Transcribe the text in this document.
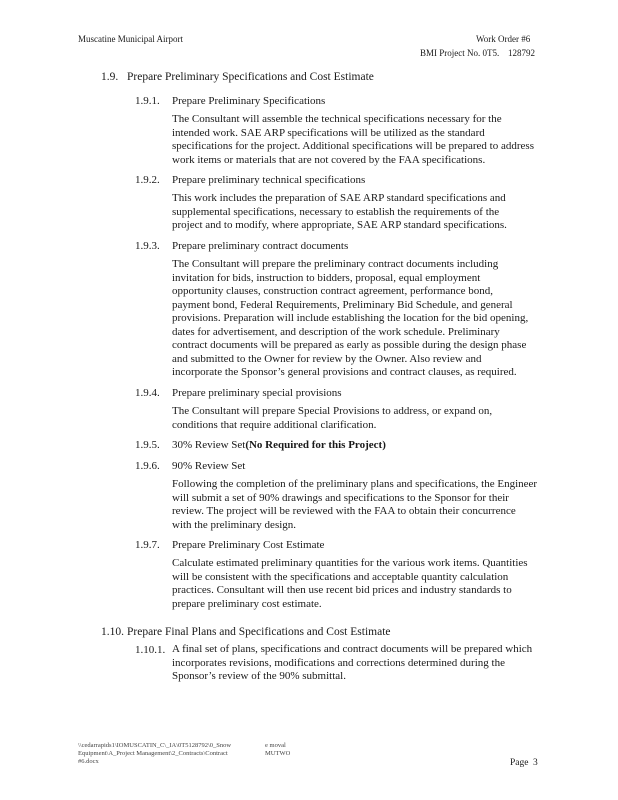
Muscatine Municipal Airport	Work Order #6
BMI Project No. 0T5. 128792
1.9. Prepare Preliminary Specifications and Cost Estimate
1.9.1. Prepare Preliminary Specifications
The Consultant will assemble the technical specifications necessary for the
intended work. SAE ARP specifications will be utilized as the standard
specifications for the project. Additional specifications will be prepared to address
work items or materials that are not covered by the FAA specifications.
1.9.2. Prepare preliminary technical specifications
This work includes the preparation of SAE ARP standard specifications and
supplemental specifications, necessary to establish the requirements of the
project and to modify, where appropriate, SAE ARP standard specifications.
1.9.3. Prepare preliminary contract documents
The Consultant will prepare the preliminary contract documents including
invitation for bids, instruction to bidders, proposal, equal employment
opportunity clauses, construction contract agreement, performance bond,
payment bond, Federal Requirements, Preliminary Bid Schedule, and general
provisions. Preparation will include establishing the location for the bid opening,
dates for advertisement, and description of the work schedule. Preliminary
contract documents will be prepared as early as possible during the design phase
and submitted to the Owner for review by the Owner. Also review and
incorporate the Sponsor’s general provisions and contract clauses, as required.
1.9.4. Prepare preliminary special provisions
The Consultant will prepare Special Provisions to address, or expand on,
conditions that require additional clarification.
1.9.5. 30% Review Set(No Required for this Project)
1.9.6. 90% Review Set
Following the completion of the preliminary plans and specifications, the Engineer
will submit a set of 90% drawings and specifications to the Sponsor for their
review. The project will be reviewed with the FAA to obtain their concurrence
with the preliminary design.
1.9.7. Prepare Preliminary Cost Estimate
Calculate estimated preliminary quantities for the various work items. Quantities
will be consistent with the specifications and acceptable quantity calculation
practices. Consultant will then use recent bid prices and industry standards to
prepare preliminary cost estimate.
1.10. Prepare Final Plans and Specifications and Cost Estimate
1.10.1. A final set of plans, specifications and contract documents will be prepared which
incorporates revisions, modifications and corrections determined during the
Sponsor’s review of the 90% submittal.
\\cedarrapids1\IOMUSCATIN_C\_IA\0T5128792\0_Snow
Equipment\A_Project Management\2_Contracts\Contract
#6.docx
e moval
MUTWO
Page 3
